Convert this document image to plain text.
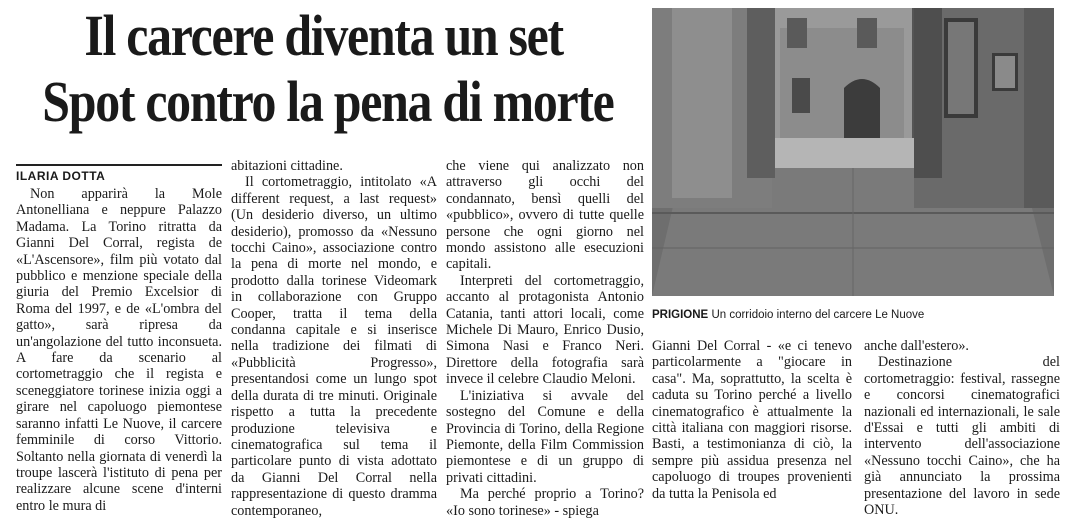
Il carcere diventa un set
Spot contro la pena di morte
ILARIA DOTTA

Non apparirà la Mole Antonelliana e neppure Palazzo Madama. La Torino ritratta da Gianni Del Corral, regista de «L'Ascensore», film più votato dal pubblico e menzione speciale della giuria del Premio Excelsior di Roma del 1997, e de «L'ombra del gatto», sarà ripresa da un'angolazione del tutto inconsueta. A fare da scenario al cortometraggio che il regista e sceneggiatore torinese inizia oggi a girare nel capoluogo piemontese saranno infatti Le Nuove, il carcere femminile di corso Vittorio. Soltanto nella giornata di venerdì la troupe lascerà l'istituto di pena per realizzare alcune scene d'interni entro le mura di

abitazioni cittadine.

Il cortometraggio, intitolato «A different request, a last request» (Un desiderio diverso, un ultimo desiderio), promosso da «Nessuno tocchi Caino», associazione contro la pena di morte nel mondo, e prodotto dalla torinese Videomark in collaborazione con Gruppo Cooper, tratta il tema della condanna capitale e si inserisce nella tradizione dei filmati di «Pubblicità Progresso», presentandosi come un lungo spot della durata di tre minuti. Originale rispetto a tutta la precedente produzione televisiva e cinematografica sul tema il particolare punto di vista adottato da Gianni Del Corral nella rappresentazione di questo dramma contemporaneo,

che viene qui analizzato non attraverso gli occhi del condannato, bensì quelli del «pubblico», ovvero di tutte quelle persone che ogni giorno nel mondo assistono alle esecuzioni capitali.

Interpreti del cortometraggio, accanto al protagonista Antonio Catania, tanti attori locali, come Michele Di Mauro, Enrico Dusio, Simona Nasi e Franco Neri. Direttore della fotografia sarà invece il celebre Claudio Meloni.

L'iniziativa si avvale del sostegno del Comune e della Provincia di Torino, della Regione Piemonte, della Film Commission piemontese e di un gruppo di privati cittadini.

Ma perché proprio a Torino? «Io sono torinese» - spiega

PRIGIONE Un corridoio interno del carcere Le Nuove

Gianni Del Corral - «e ci tenevo particolarmente a "giocare in casa". Ma, soprattutto, la scelta è caduta su Torino perché a livello cinematografico è attualmente la città italiana con maggiori risorse. Basti, a testimonianza di ciò, la sempre più assidua presenza nel capoluogo di troupes provenienti da tutta la Penisola ed

anche dall'estero».

Destinazione del cortometraggio: festival, rassegne e concorsi cinematografici nazionali ed internazionali, le sale d'Essai e tutti gli ambiti di intervento dell'associazione «Nessuno tocchi Caino», che ha già annunciato la prossima presentazione del lavoro in sede ONU.
